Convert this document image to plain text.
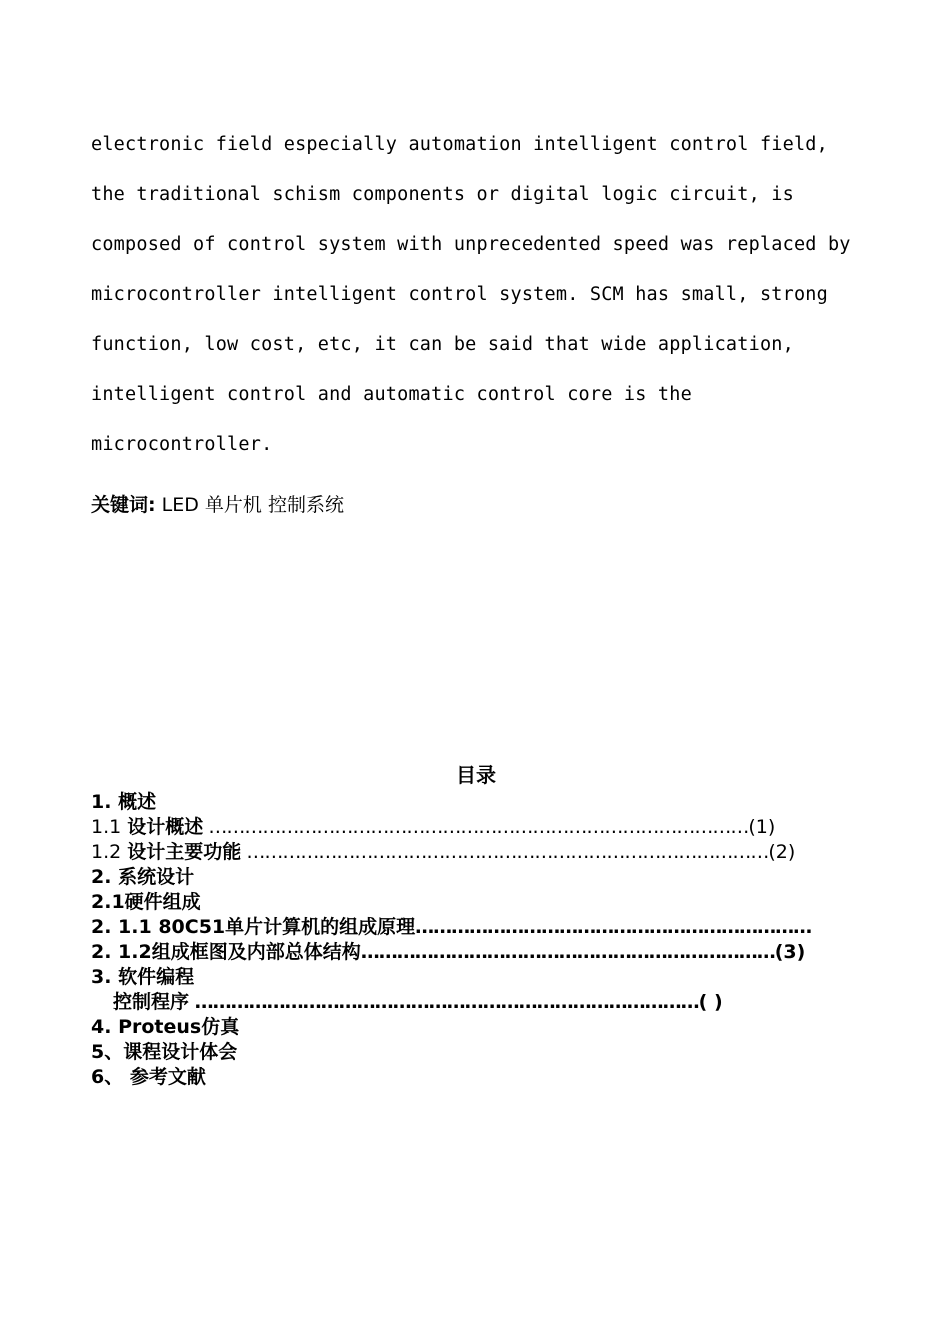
electronic field especially automation intelligent control field,
the traditional schism components or digital logic circuit, is
composed of control system with unprecedented speed was replaced by
microcontroller intelligent control system. SCM has small, strong
function, low cost, etc, it can be said that wide application,
intelligent control and automatic control core is the
microcontroller.
关键词: LED 单片机 控制系统
目录
1. 概述
1.1 设计概述 ………………………………………………………………………………(1)
1.2 设计主要功能 ……………………………………………………………………………(2)
2. 系统设计
2.1硬件组成
2. 1.1 80C51单片计算机的组成原理…………………………………………………………
2. 1.2组成框图及内部总体结构……………………………………………………………(3)
3. 软件编程
控制程序 …………………………………………………………………………( )
4. Proteus仿真
5、课程设计体会
6、 参考文献
